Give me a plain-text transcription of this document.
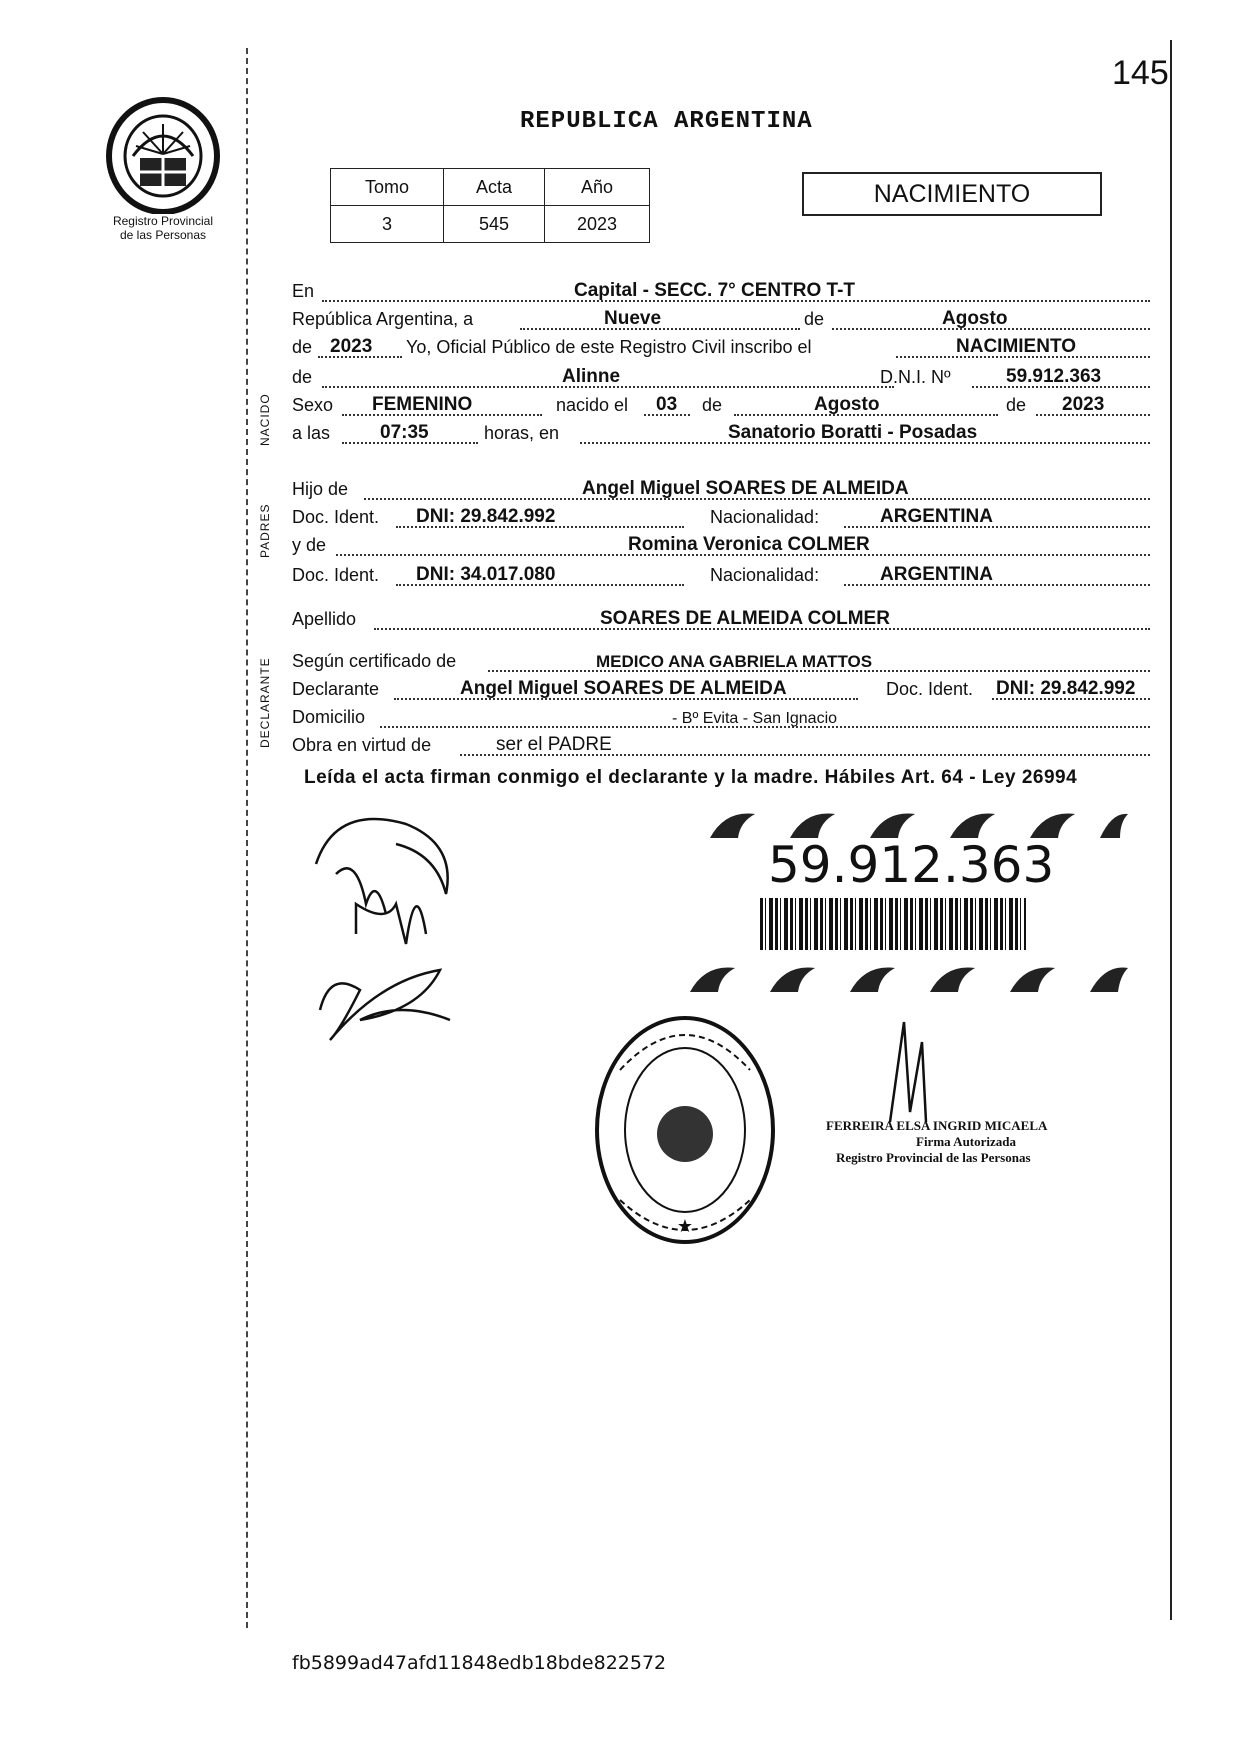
145
Registro Provincial
de las Personas
REPUBLICA ARGENTINA
Tomo	Acta	Año
3	545	2023
NACIMIENTO
NACIDO
PADRES
DECLARANTE
En	Capital - SECC. 7° CENTRO T-T
República Argentina, a	Nueve	de	Agosto
de 2023 Yo, Oficial Público de este Registro Civil inscribo el	NACIMIENTO
de	Alinne	D.N.I. Nº	59.912.363
Sexo FEMENINO	nacido el 03 de	Agosto	de 2023
a las	07:35	horas, en	Sanatorio Boratti - Posadas
Hijo de	Angel Miguel SOARES DE ALMEIDA
Doc. Ident. DNI: 29.842.992	Nacionalidad:	ARGENTINA
y de	Romina Veronica COLMER
Doc. Ident. DNI: 34.017.080	Nacionalidad:	ARGENTINA
Apellido	SOARES DE ALMEIDA COLMER
Según certificado de	MEDICO ANA GABRIELA MATTOS
Declarante	Angel Miguel SOARES DE ALMEIDA	Doc. Ident. DNI: 29.842.992
Domicilio	- Bº Evita - San Ignacio
Obra en virtud de	ser el PADRE
Leída el acta firman conmigo el declarante y la madre. Hábiles Art. 64 - Ley 26994
59.912.363
★
FERREIRA ELSA INGRID MICAELA
Firma Autorizada
Registro Provincial de las Personas
fb5899ad47afd11848edb18bde822572
